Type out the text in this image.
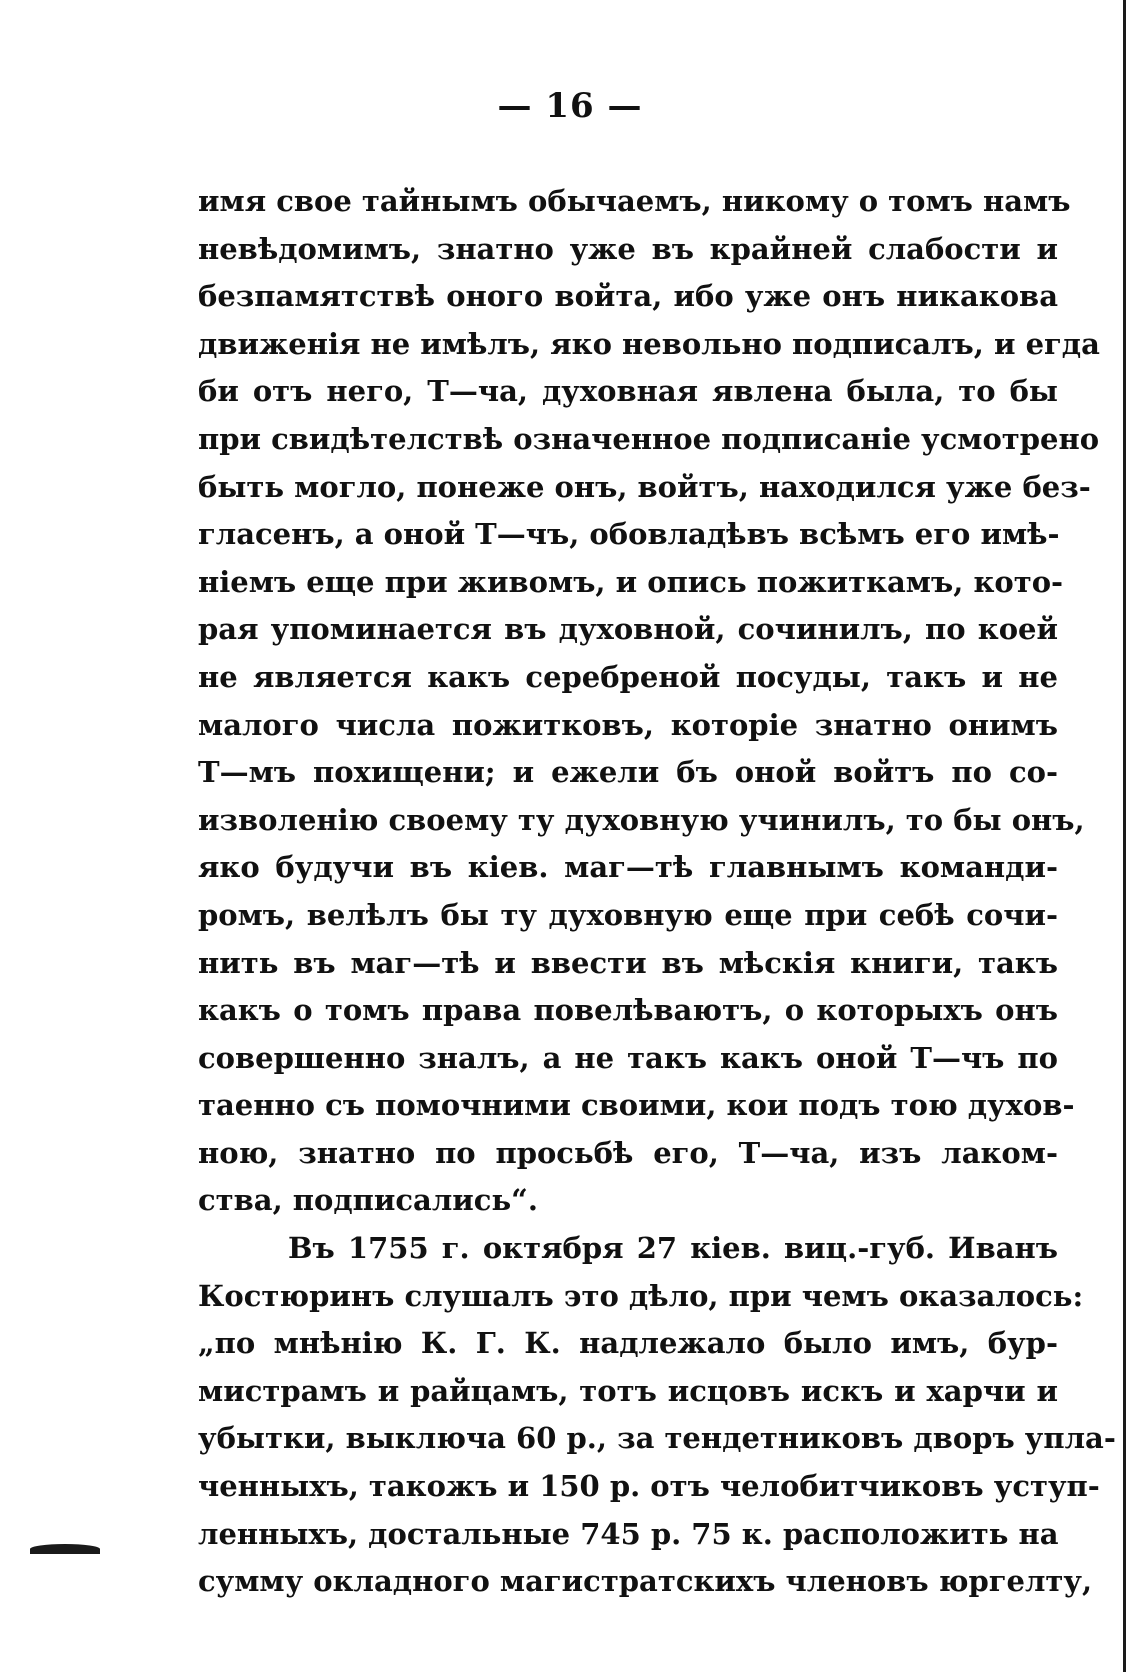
— 16 —
имя свое тайнымъ обычаемъ, никому о томъ намъ
невѣдомимъ, знатно уже въ крайней слабости и
безпамятствѣ оного войта, ибо уже онъ никакова
движенія не имѣлъ, яко невольно подписалъ, и егда
би отъ него, Т—ча, духовная явлена была, то бы
при свидѣтелствѣ означенное подписаніе усмотрено
быть могло, понеже онъ, войтъ, находился уже без-
гласенъ, а оной Т—чъ, обовладѣвъ всѣмъ его имѣ-
ніемъ еще при живомъ, и опись пожиткамъ, кото-
рая упоминается въ духовной, сочинилъ, по коей
не является какъ серебреной посуды, такъ и не
малого числа пожитковъ, которіе знатно онимъ
Т—мъ похищени; и ежели бъ оной войтъ по со-
изволенію своему ту духовную учинилъ, то бы онъ,
яко будучи въ кіев. маг—тѣ главнымъ команди-
ромъ, велѣлъ бы ту духовную еще при себѣ сочи-
нить въ маг—тѣ и ввести въ мѣскія книги, такъ
какъ о томъ права повелѣваютъ, о которыхъ онъ
совершенно зналъ, а не такъ какъ оной Т—чъ по
таенно съ помочними своими, кои подъ тою духов-
ною, знатно по просьбѣ его, Т—ча, изъ лаком-
ства, подписались“.
Въ 1755 г. октября 27 кіев. виц.-губ. Иванъ
Костюринъ слушалъ это дѣло, при чемъ оказалось:
„по мнѣнію К. Г. К. надлежало было имъ, бур-
мистрамъ и райцамъ, тотъ исцовъ искъ и харчи и
убытки, выключа 60 р., за тендетниковъ дворъ упла-
ченныхъ, такожъ и 150 р. отъ челобитчиковъ уступ-
ленныхъ, достальные 745 р. 75 к. расположить на
сумму окладного магистратскихъ членовъ юргелту,
